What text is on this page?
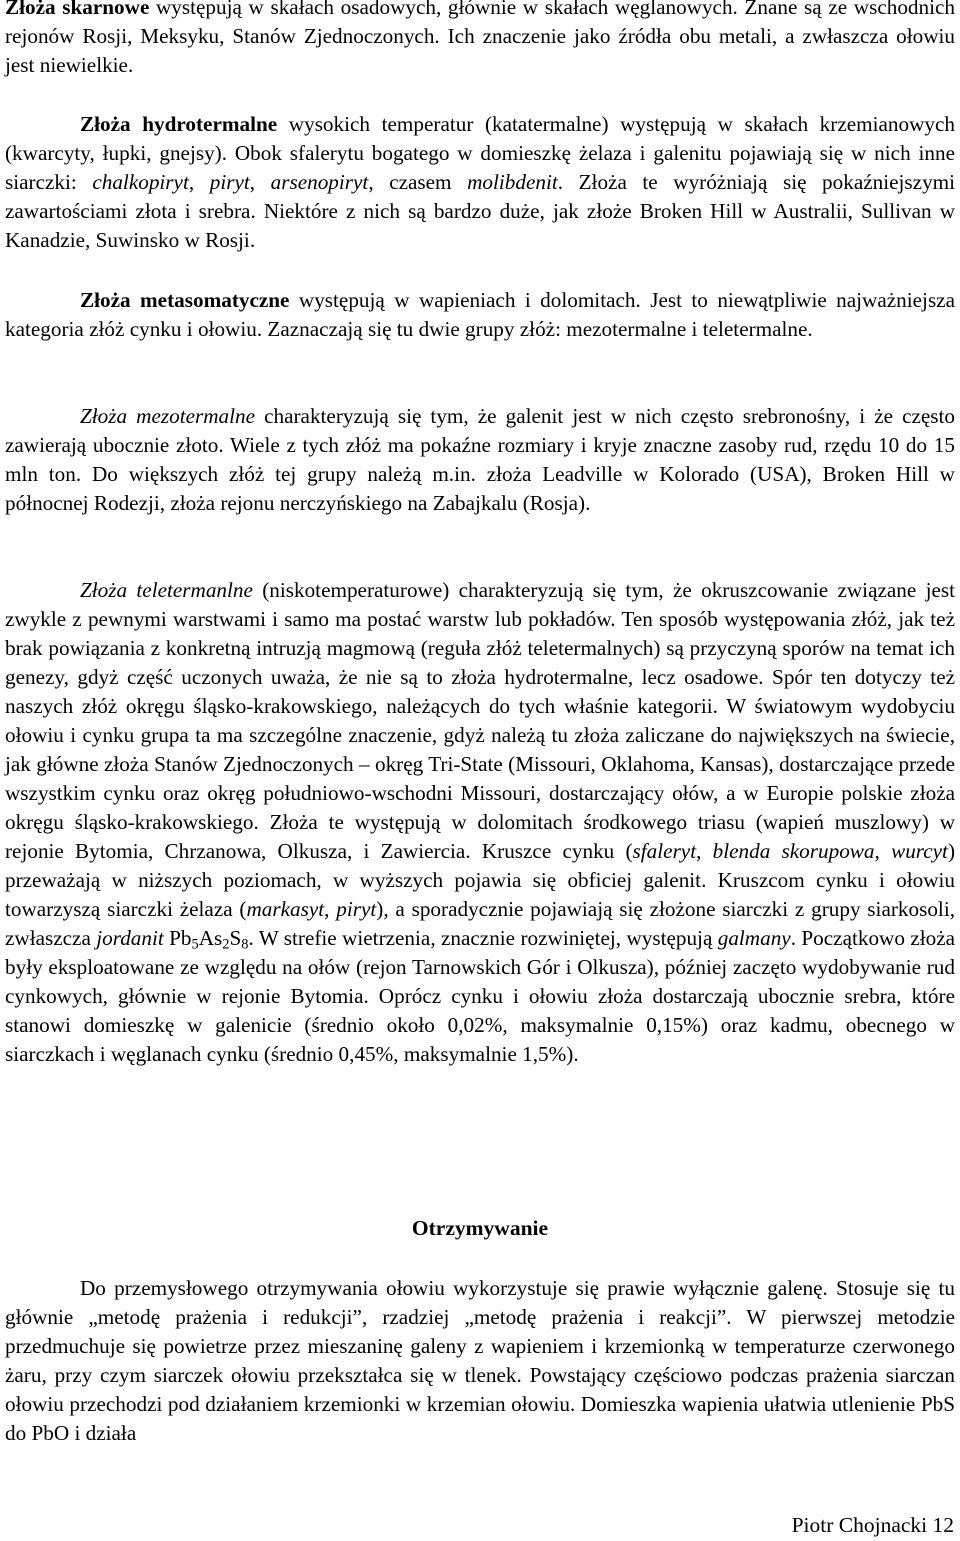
Złoża skarnowe występują w skałach osadowych, głównie w skałach węglanowych. Znane są ze wschodnich rejonów Rosji, Meksyku, Stanów Zjednoczonych. Ich znaczenie jako źródła obu metali, a zwłaszcza ołowiu jest niewielkie.

Złoża hydrotermalne wysokich temperatur (katatermalne) występują w skałach krzemianowych (kwarcyty, łupki, gnejsy). Obok sfalerytu bogatego w domieszkę żelaza i galenitu pojawiają się w nich inne siarczki: chalkopiryt, piryt, arsenopiryt, czasem molibdenit. Złoża te wyróżniają się pokaźniejszymi zawartościami złota i srebra. Niektóre z nich są bardzo duże, jak złoże Broken Hill w Australii, Sullivan w Kanadzie, Suwinsko w Rosji.

Złoża metasomatyczne występują w wapieniach i dolomitach. Jest to niewątpliwie najważniejsza kategoria złóż cynku i ołowiu. Zaznaczają się tu dwie grupy złóż: mezotermalne i teletermalne.

Złoża mezotermalne charakteryzują się tym, że galenit jest w nich często srebronośny, i że często zawierają ubocznie złoto. Wiele z tych złóż ma pokaźne rozmiary i kryje znaczne zasoby rud, rzędu 10 do 15 mln ton. Do większych złóż tej grupy należą m.in. złoża Leadville w Kolorado (USA), Broken Hill w północnej Rodezji, złoża rejonu nerczyńskiego na Zabajkalu (Rosja).

Złoża teletermanlne (niskotemperaturowe) charakteryzują się tym, że okruszcowanie związane jest zwykle z pewnymi warstwami i samo ma postać warstw lub pokładów. Ten sposób występowania złóż, jak też brak powiązania z konkretną intruzją magmową (reguła złóż teletermalnych) są przyczyną sporów na temat ich genezy, gdyż część uczonych uważa, że nie są to złoża hydrotermalne, lecz osadowe. Spór ten dotyczy też naszych złóż okręgu śląsko-krakowskiego, należących do tych właśnie kategorii. W światowym wydobyciu ołowiu i cynku grupa ta ma szczególne znaczenie, gdyż należą tu złoża zaliczane do największych na świecie, jak główne złoża Stanów Zjednoczonych – okręg Tri-State (Missouri, Oklahoma, Kansas), dostarczające przede wszystkim cynku oraz okręg południowo-wschodni Missouri, dostarczający ołów, a w Europie polskie złoża okręgu śląsko-krakowskiego. Złoża te występują w dolomitach środkowego triasu (wapień muszlowy) w rejonie Bytomia, Chrzanowa, Olkusza, i Zawiercia. Kruszce cynku (sfaleryt, blenda skorupowa, wurcyt) przeważają w niższych poziomach, w wyższych pojawia się obficiej galenit. Kruszcom cynku i ołowiu towarzyszą siarczki żelaza (markasyt, piryt), a sporadycznie pojawiają się złożone siarczki z grupy siarkosoli, zwłaszcza jordanit $Pb_5As_2S_8$. W strefie wietrzenia, znacznie rozwiniętej, występują galmany. Początkowo złoża były eksploatowane ze względu na ołów (rejon Tarnowskich Gór i Olkusza), później zaczęto wydobywanie rud cynkowych, głównie w rejonie Bytomia. Oprócz cynku i ołowiu złoża dostarczają ubocznie srebra, które stanowi domieszkę w galenicie (średnio około 0,02%, maksymalnie 0,15%) oraz kadmu, obecnego w siarczkach i węglanach cynku (średnio 0,45%, maksymalnie 1,5%).

Otrzymywanie

Do przemysłowego otrzymywania ołowiu wykorzystuje się prawie wyłącznie galenę. Stosuje się tu głównie „metodę prażenia i redukcji”, rzadziej „metodę prażenia i reakcji”. W pierwszej metodzie przedmuchuje się powietrze przez mieszaninę galeny z wapieniem i krzemionką w temperaturze czerwonego żaru, przy czym siarczek ołowiu przekształca się w tlenek. Powstający częściowo podczas prażenia siarczan ołowiu przechodzi pod działaniem krzemionki w krzemian ołowiu. Domieszka wapienia ułatwia utlenienie PbS do PbO i działa

Piotr Chojnacki 12
